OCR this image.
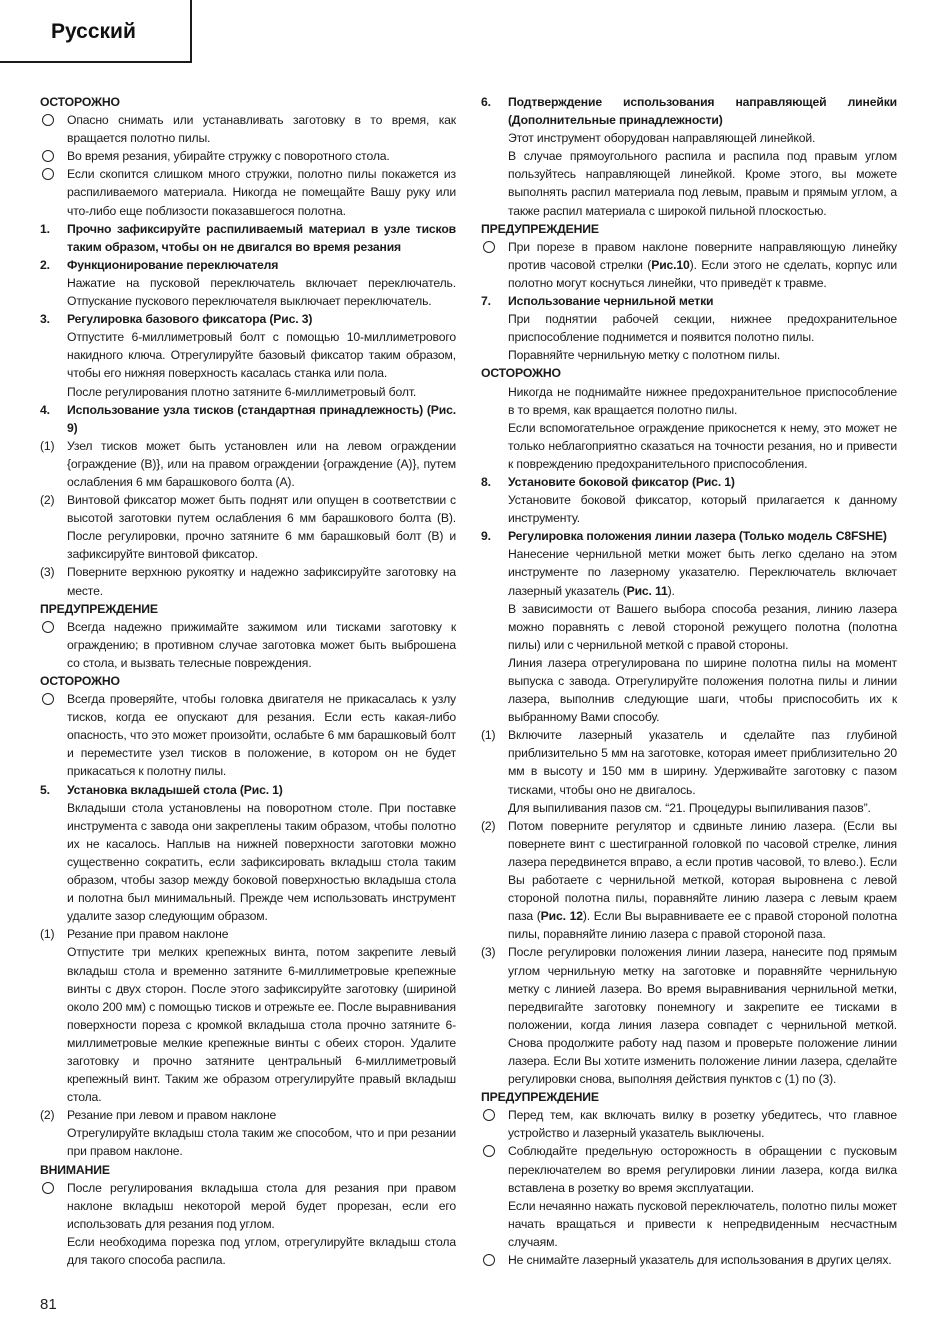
Русский
ОСТОРОЖНО
Опасно снимать или устанавливать заготовку в то время, как вращается полотно пилы.
Во время резания, убирайте стружку с поворотного стола.
Если скопится слишком много стружки, полотно пилы покажется из распиливаемого материала. Никогда не помещайте Вашу руку или что-либо еще поблизости показавшегося полотна.
1.	Прочно зафиксируйте распиливаемый материал в узле тисков таким образом, чтобы он не двигался во время резания
2.	Функционирование переключателя
Нажатие на пусковой переключатель включает переключатель. Отпускание пускового переключателя выключает переключатель.
3.	Регулировка базового фиксатора (Рис. 3)
Отпустите 6-миллиметровый болт с помощью 10-миллиметрового накидного ключа. Отрегулируйте базовый фиксатор таким образом, чтобы его нижняя поверхность касалась станка или пола.
После регулирования плотно затяните 6-миллиметровый болт.
4.	Использование узла тисков (стандартная принадлежность) (Рис. 9)
(1)	Узел тисков может быть установлен или на левом ограждении {ограждение (B)}, или на правом ограждении {ограждение (A)}, путем ослабления 6 мм барашкового болта (A).
(2)	Винтовой фиксатор может быть поднят или опущен в соответствии с высотой заготовки путем ослабления 6 мм барашкового болта (B). После регулировки, прочно затяните 6 мм барашковый болт (B) и зафиксируйте винтовой фиксатор.
(3)	Поверните верхнюю рукоятку и надежно зафиксируйте заготовку на месте.
ПРЕДУПРЕЖДЕНИЕ
Всегда надежно прижимайте зажимом или тисками заготовку к ограждению; в противном случае заготовка может быть выброшена со стола, и вызвать телесные повреждения.
ОСТОРОЖНО
Всегда проверяйте, чтобы головка двигателя не прикасалась к узлу тисков, когда ее опускают для резания. Если есть какая-либо опасность, что это может произойти, ослабьте 6 мм барашковый болт и переместите узел тисков в положение, в котором он не будет прикасаться к полотну пилы.
5.	Установка вкладышей стола (Рис. 1)
Вкладыши стола установлены на поворотном столе. При поставке инструмента с завода они закреплены таким образом, чтобы полотно их не касалось. Наплыв на нижней поверхности заготовки можно существенно сократить, если зафиксировать вкладыш стола таким образом, чтобы зазор между боковой поверхностью вкладыша стола и полотна был минимальный. Прежде чем использовать инструмент удалите зазор следующим образом.
(1)	Резание при правом наклоне
Отпустите три мелких крепежных винта, потом закрепите левый вкладыш стола и временно затяните 6-миллиметровые крепежные винты с двух сторон. После этого зафиксируйте заготовку (шириной около 200 мм) с помощью тисков и отрежьте ее. После выравнивания поверхности пореза с кромкой вкладыша стола прочно затяните 6-миллиметровые мелкие крепежные винты с обеих сторон. Удалите заготовку и прочно затяните центральный 6-миллиметровый крепежный винт. Таким же образом отрегулируйте правый вкладыш стола.
(2)	Резание при левом и правом наклоне
Отрегулируйте вкладыш стола таким же способом, что и при резании при правом наклоне.
ВНИМАНИЕ
После регулирования вкладыша стола для резания при правом наклоне вкладыш некоторой мерой будет прорезан, если его использовать для резания под углом.
Если необходима порезка под углом, отрегулируйте вкладыш стола для такого способа распила.
6.	Подтверждение использования направляющей линейки (Дополнительные принадлежности)
Этот инструмент оборудован направляющей линейкой.
В случае прямоугольного распила и распила под правым углом пользуйтесь направляющей линейкой. Кроме этого, вы можете выполнять распил материала под левым, правым и прямым углом, а также распил материала с широкой пильной плоскостью.
ПРЕДУПРЕЖДЕНИЕ
При порезе в правом наклоне поверните направляющую линейку против часовой стрелки (Рис.10). Если этого не сделать, корпус или полотно могут коснуться линейки, что приведёт к травме.
7.	Использование чернильной метки
При поднятии рабочей секции, нижнее предохранительное приспособление поднимется и появится полотно пилы.
Поравняйте чернильную метку с полотном пилы.
ОСТОРОЖНО
Никогда не поднимайте нижнее предохранительное приспособление в то время, как вращается полотно пилы.
Если вспомогательное ограждение прикоснется к нему, это может не только неблагоприятно сказаться на точности резания, но и привести к повреждению предохранительного приспособления.
8.	Установите боковой фиксатор (Рис. 1)
Установите боковой фиксатор, который прилагается к данному инструменту.
9.	Регулировка положения линии лазера (Только модель C8FSHE)
Нанесение чернильной метки может быть легко сделано на этом инструменте по лазерному указателю. Переключатель включает лазерный указатель (Рис. 11).
В зависимости от Вашего выбора способа резания, линию лазера можно поравнять с левой стороной режущего полотна (полотна пилы) или с чернильной меткой с правой стороны.
Линия лазера отрегулирована по ширине полотна пилы на момент выпуска с завода. Отрегулируйте положения полотна пилы и линии лазера, выполнив следующие шаги, чтобы приспособить их к выбранному Вами способу.
(1)	Включите лазерный указатель и сделайте паз глубиной приблизительно 5 мм на заготовке, которая имеет приблизительно 20 мм в высоту и 150 мм в ширину. Удерживайте заготовку с пазом тисками, чтобы оно не двигалось.
Для выпиливания пазов см. “21. Процедуры выпиливания пазов”.
(2)	Потом поверните регулятор и сдвиньте линию лазера. (Если вы повернете винт с шестигранной головкой по часовой стрелке, линия лазера передвинется вправо, а если против часовой, то влево.). Если Вы работаете с чернильной меткой, которая выровнена с левой стороной полотна пилы, поравняйте линию лазера с левым краем паза (Рис. 12). Если Вы выравниваете ее с правой стороной полотна пилы, поравняйте линию лазера с правой стороной паза.
(3)	После регулировки положения линии лазера, нанесите под прямым углом чернильную метку на заготовке и поравняйте чернильную метку с линией лазера. Во время выравнивания чернильной метки, передвигайте заготовку понемногу и закрепите ее тисками в положении, когда линия лазера совпадет с чернильной меткой. Снова продолжите работу над пазом и проверьте положение линии лазера. Если Вы хотите изменить положение линии лазера, сделайте регулировки снова, выполняя действия пунктов с (1) по (3).
ПРЕДУПРЕЖДЕНИЕ
Перед тем, как включать вилку в розетку убедитесь, что главное устройство и лазерный указатель выключены.
Соблюдайте предельную осторожность в обращении с пусковым переключателем во время регулировки линии лазера, когда вилка вставлена в розетку во время эксплуатации.
Если нечаянно нажать пусковой переключатель, полотно пилы может начать вращаться и привести к непредвиденным несчастным случаям.
Не снимайте лазерный указатель для использования в других целях.
81
